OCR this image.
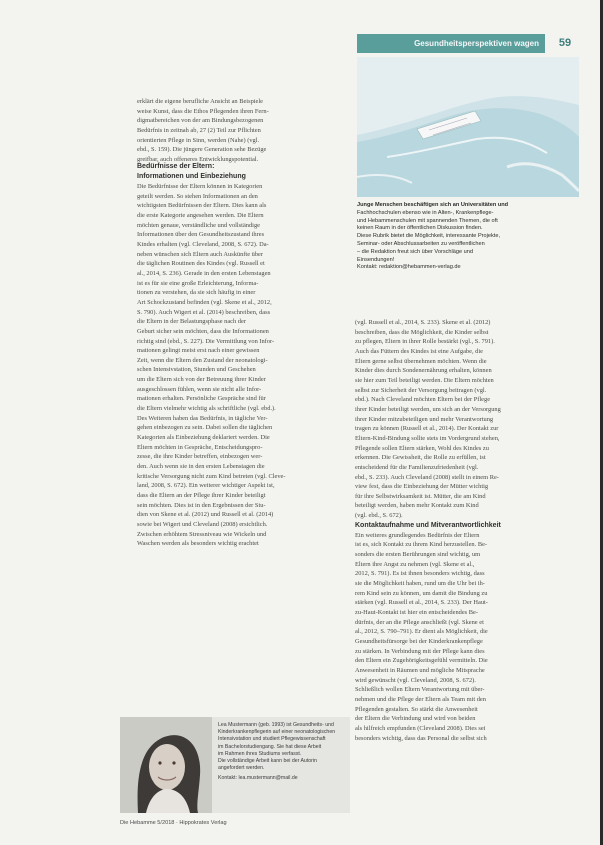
Gesundheitsperspektiven wagen	59
Junge Menschen beschäftigen sich an Universitäten und
Fachhochschulen ebenso wie in Alten-, Krankenpflege-
und Hebammenschulen mit spannenden Themen, die oft
keinen Raum in der öffentlichen Diskussion finden.
Diese Rubrik bietet die Möglichkeit, interessante Projekte,
Seminar- oder Abschlussarbeiten zu veröffentlichen
– die Redaktion freut sich über Vorschläge und
Einsendungen!
Kontakt: redaktion@hebammen-verlag.de
erklärt die eigene berufliche Ansicht an Beispiele
weise Kunst, dass die Ethos Pflegenden ihren Fern-
digmatbereichen von der am Bindungsbezogenen
Bedürfnis in zeitnah ab, 27 (2) Teil zur Pflichten
orientierten Pflege in Sinn, werden (Nahe) (vgl.
ebd., S. 159). Die jüngere Generation sehe Bezüge
greifbar, auch offeneres Entwicklungspotential.
Bedürfnisse der Eltern:
Informationen und Einbeziehung
Die Bedürfnisse der Eltern können in Kategorien
geteilt werden. So stehen Informationen an den
wichtigsten Bedürfnissen der Eltern. Dies kann als
die erste Kategorie angesehen werden. Die Eltern
möchten genaue, verständliche und vollständige
Informationen über den Gesundheitszustand ihres
Kindes erhalten (vgl. Cleveland, 2008, S. 672). Da-
neben wünschen sich Eltern auch Auskünfte über
die täglichen Routinen des Kindes (vgl. Russell et
al., 2014, S. 236). Gerade in den ersten Lebenstagen
ist es für sie eine große Erleichterung, Informa-
tionen zu verstehen, da sie sich häufig in einer
Art Schockzustand befinden (vgl. Skene et al., 2012,
S. 790). Auch Wigert et al. (2014) beschreiben, dass
die Eltern in der Belastungsphase nach der
Geburt sicher sein möchten, dass die Informationen
richtig sind (ebd., S. 227). Die Vermittlung von Infor-
mationen gelingt meist erst nach einer gewissen
Zeit, wenn die Eltern den Zustand der neonatologi-
schen Intensivstation, Stunden und Geschehen
um die Eltern sich von der Betreuung ihrer Kinder
ausgeschlossen fühlen, wenn sie nicht alle Infor-
mationen erhalten. Persönliche Gespräche sind für
die Eltern vielmehr wichtig als schriftliche (vgl. ebd.).
Des Weiteren haben das Bedürfnis, in tägliche Ver-
gehen einbezogen zu sein. Dabei sollen die täglichen
Kategorien als Einbeziehung deklariert werden. Die
Eltern möchten in Gespräche, Entscheidungspro-
zesse, die ihre Kinder betreffen, einbezogen wer-
den. Auch wenn sie in den ersten Lebenstagen die
kritische Versorgung nicht zum Kind betreten (vgl. Cleve-
land, 2008, S. 672). Ein weiterer wichtiger Aspekt ist,
dass die Eltern an der Pflege ihrer Kinder beteiligt
sein möchten. Dies ist in den Ergebnissen der Stu-
dien von Skene et al. (2012) und Russell et al. (2014)
sowie bei Wigert und Cleveland (2008) ersichtlich.
Zwischen erhöhtem Stressniveau wie Wickeln und
Waschen werden als besonders wichtig erachtet
(vgl. Russell et al., 2014, S. 233). Skene et al. (2012)
beschreiben, dass die Möglichkeit, die Kinder selbst
zu pflegen, Eltern in ihrer Rolle bestärkt (vgl., S. 791).
Auch das Füttern des Kindes ist eine Aufgabe, die
Eltern gerne selbst übernehmen möchten. Wenn die
Kinder dies durch Sondenernährung erhalten, können
sie hier zum Teil beteiligt werden. Die Eltern möchten
selbst zur Sicherheit der Versorgung beitragen (vgl.
ebd.). Nach Cleveland möchten Eltern bei der Pflege
ihrer Kinder beteiligt werden, um sich an der Versorgung
ihrer Kinder mitzubeteiligen und mehr Verantwortung
tragen zu können (Russell et al., 2014). Der Kontakt zur
Eltern-Kind-Bindung sollte stets im Vordergrund stehen,
Pflegende sollen Eltern stärken, Wohl des Kindes zu
erkennen. Die Gewissheit, die Rolle zu erfüllen, ist
entscheidend für die Familienzufriedenheit (vgl.
ebd., S. 233). Auch Cleveland (2008) stellt in einem Re-
view fest, dass die Einbeziehung der Mütter wichtig
für ihre Selbstwirksamkeit ist. Mütter, die am Kind
beteiligt werden, haben mehr Kontakt zum Kind
(vgl. ebd., S. 672).
Kontaktaufnahme und Mitverantwortlichkeit
Ein weiteres grundlegendes Bedürfnis der Eltern
ist es, sich Kontakt zu ihrem Kind herzustellen. Be-
sonders die ersten Berührungen sind wichtig, um
Eltern ihre Angst zu nehmen (vgl. Skene et al.,
2012, S. 791). Es ist ihnen besonders wichtig, dass
sie die Möglichkeit haben, rund um die Uhr bei ih-
rem Kind sein zu können, um damit die Bindung zu
stärken (vgl. Russell et al., 2014, S. 233). Der Haut-
zu-Haut-Kontakt ist hier ein entscheidendes Be-
dürfnis, der an die Pflege anschließt (vgl. Skene et
al., 2012, S. 790–791). Er dient als Möglichkeit, die
Gesundheitsfürsorge bei der Kinderkrankenpflege
zu stärken. In Verbindung mit der Pflege kann dies
den Eltern ein Zugehörigkeitsgefühl vermitteln. Die
Anwesenheit in Räumen und mögliche Mitsprache
wird gewünscht (vgl. Cleveland, 2008, S. 672).
Schließlich wollen Eltern Verantwortung mit über-
nehmen und die Pflege der Eltern als Team mit den
Pflegenden gestalten. So stärkt die Anwesenheit
der Eltern die Verbindung und wird von beiden
als hilfreich empfunden (Cleveland 2008). Dies sei
besonders wichtig, dass das Personal die selbst sich
Lea Mustermann (geb. 1993) ist Gesundheits- und
Kinderkrankenpflegerin auf einer neonatologischen
Intensivstation und studiert Pflegewissenschaft
im Bachelorstudiengang. Sie hat diese Arbeit
im Rahmen ihres Studiums verfasst.
Die vollständige Arbeit kann bei der Autorin
angefordert werden.
Kontakt: lea.mustermann@mail.de
Die Hebamme 5/2018 · Hippokrates Verlag
